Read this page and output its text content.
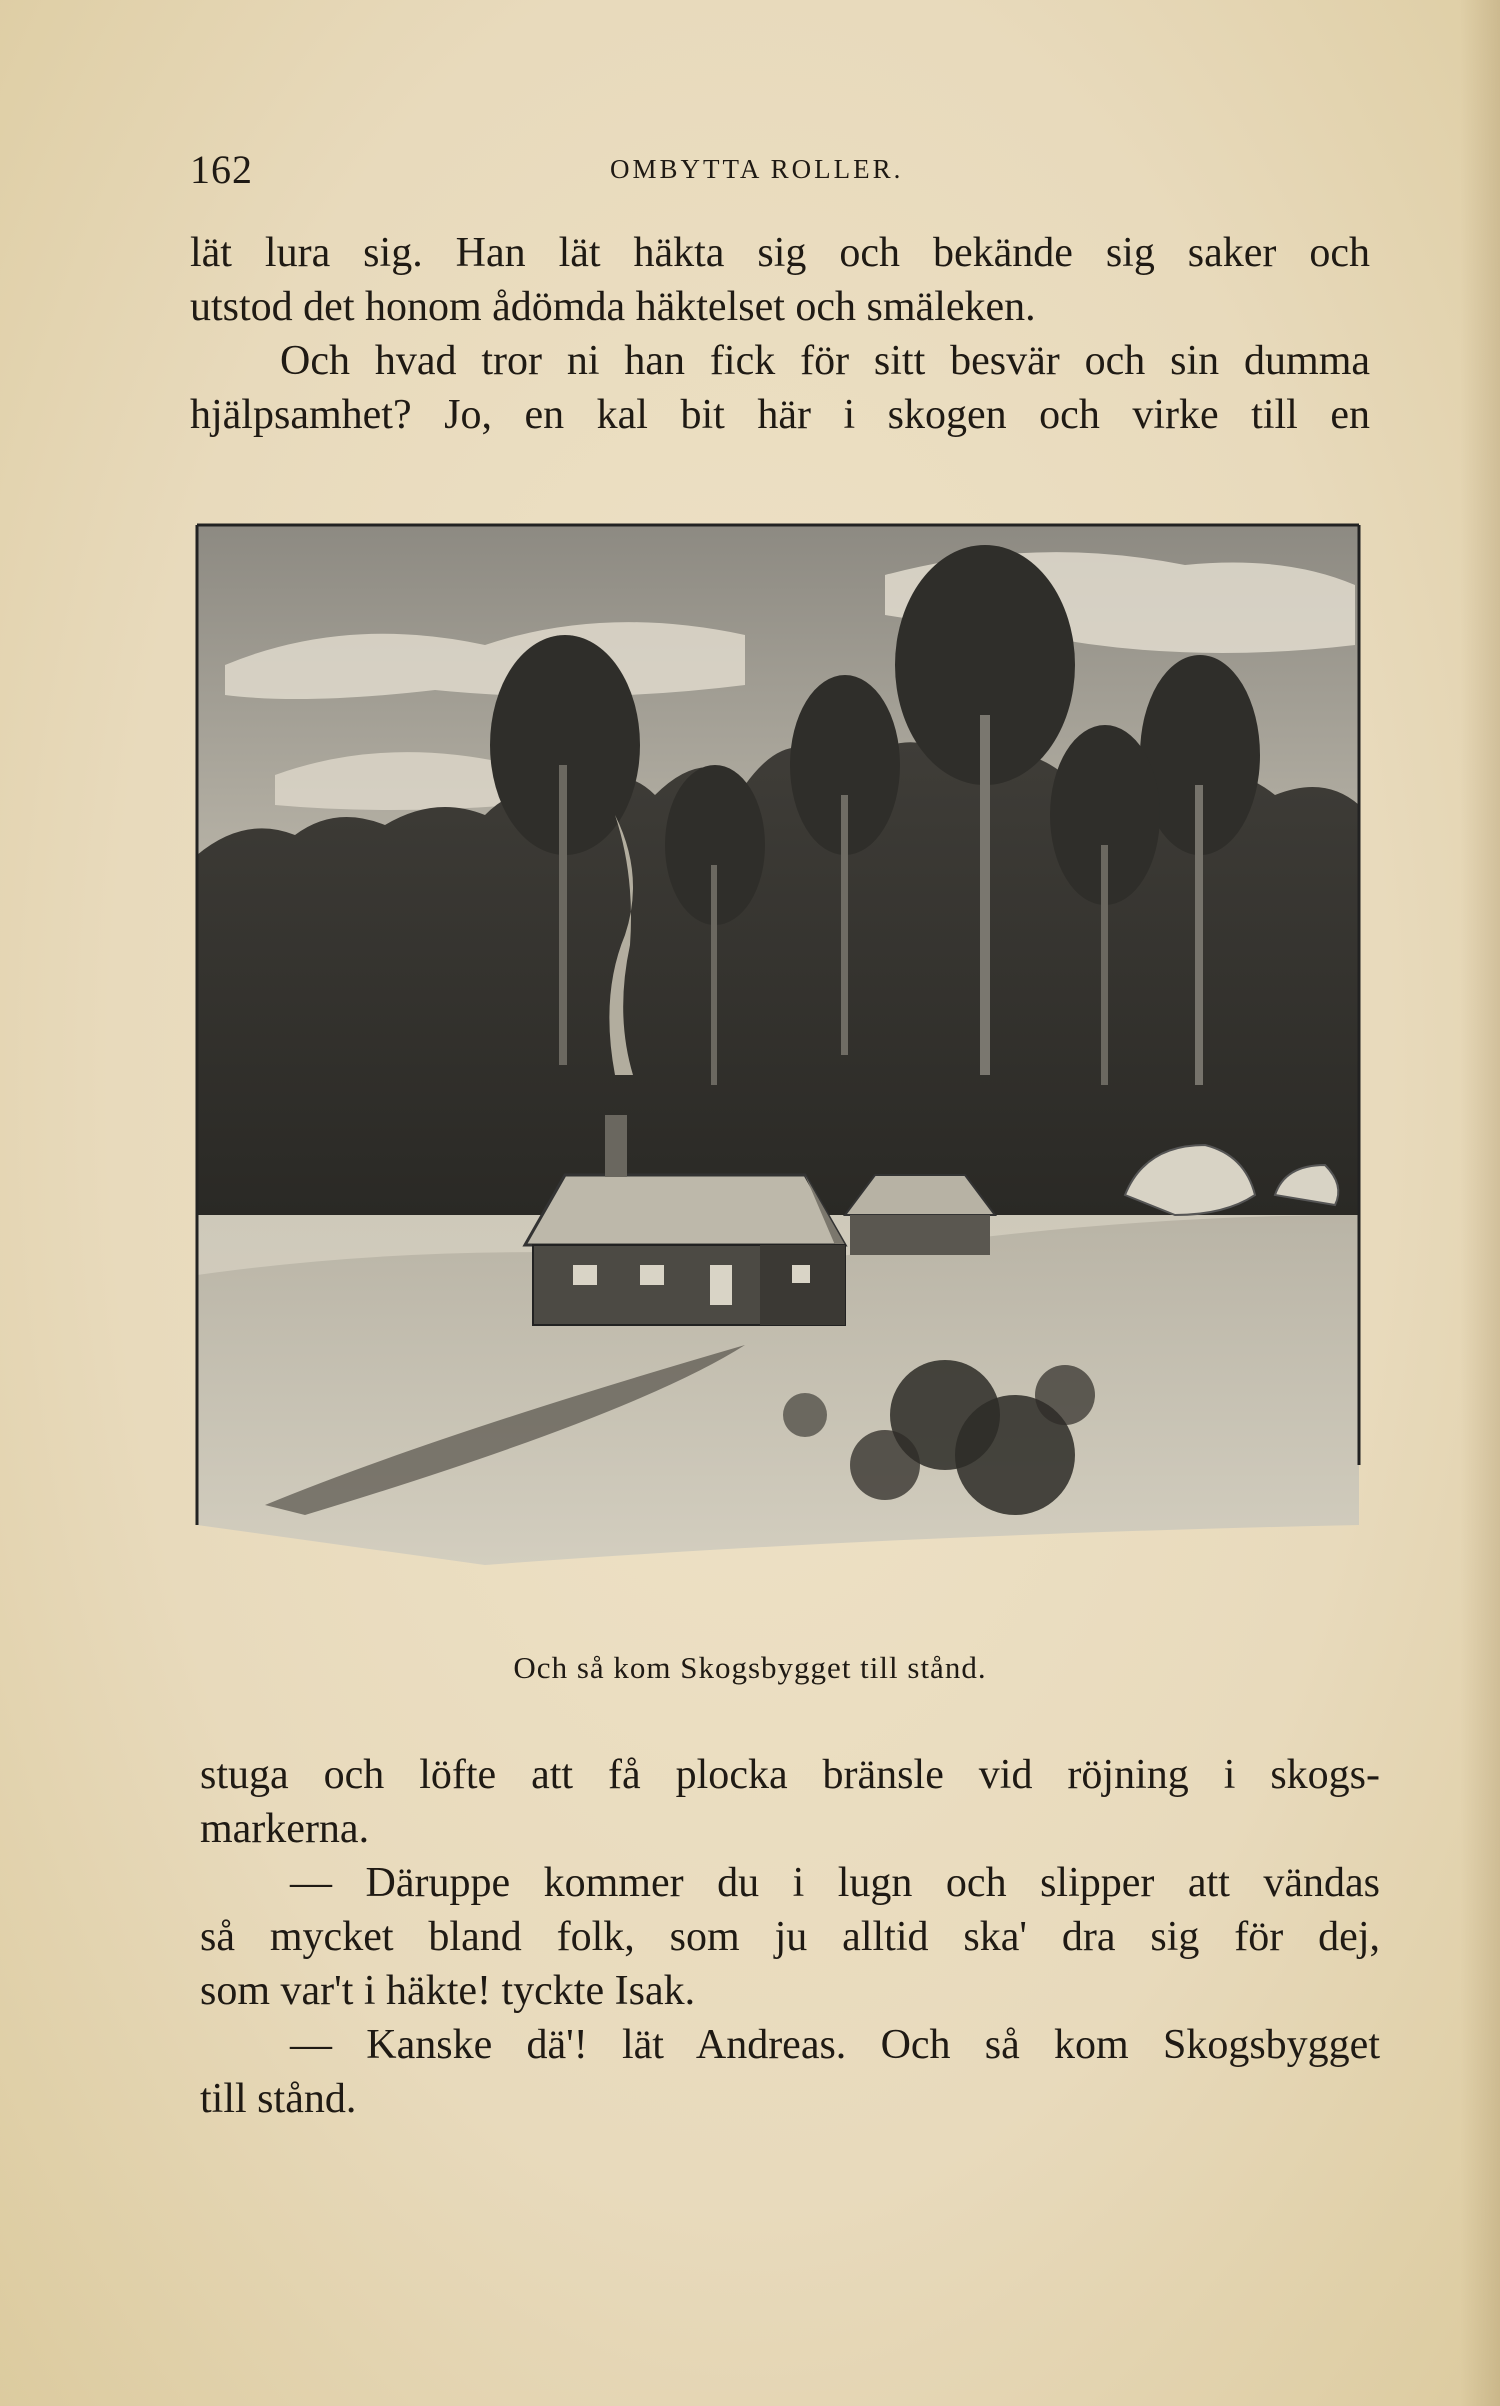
162	OMBYTTA ROLLER.
lät lura sig. Han lät häkta sig och bekände sig saker och
utstod det honom ådömda häktelset och smäleken.
Och hvad tror ni han fick för sitt besvär och sin dumma
hjälpsamhet? Jo, en kal bit här i skogen och virke till en
Och så kom Skogsbygget till stånd.
stuga och löfte att få plocka bränsle vid röjning i skogs-
markerna.
— Däruppe kommer du i lugn och slipper att vändas
så mycket bland folk, som ju alltid ska' dra sig för dej,
som var't i häkte! tyckte Isak.
— Kanske dä'! lät Andreas. Och så kom Skogsbygget
till stånd.
